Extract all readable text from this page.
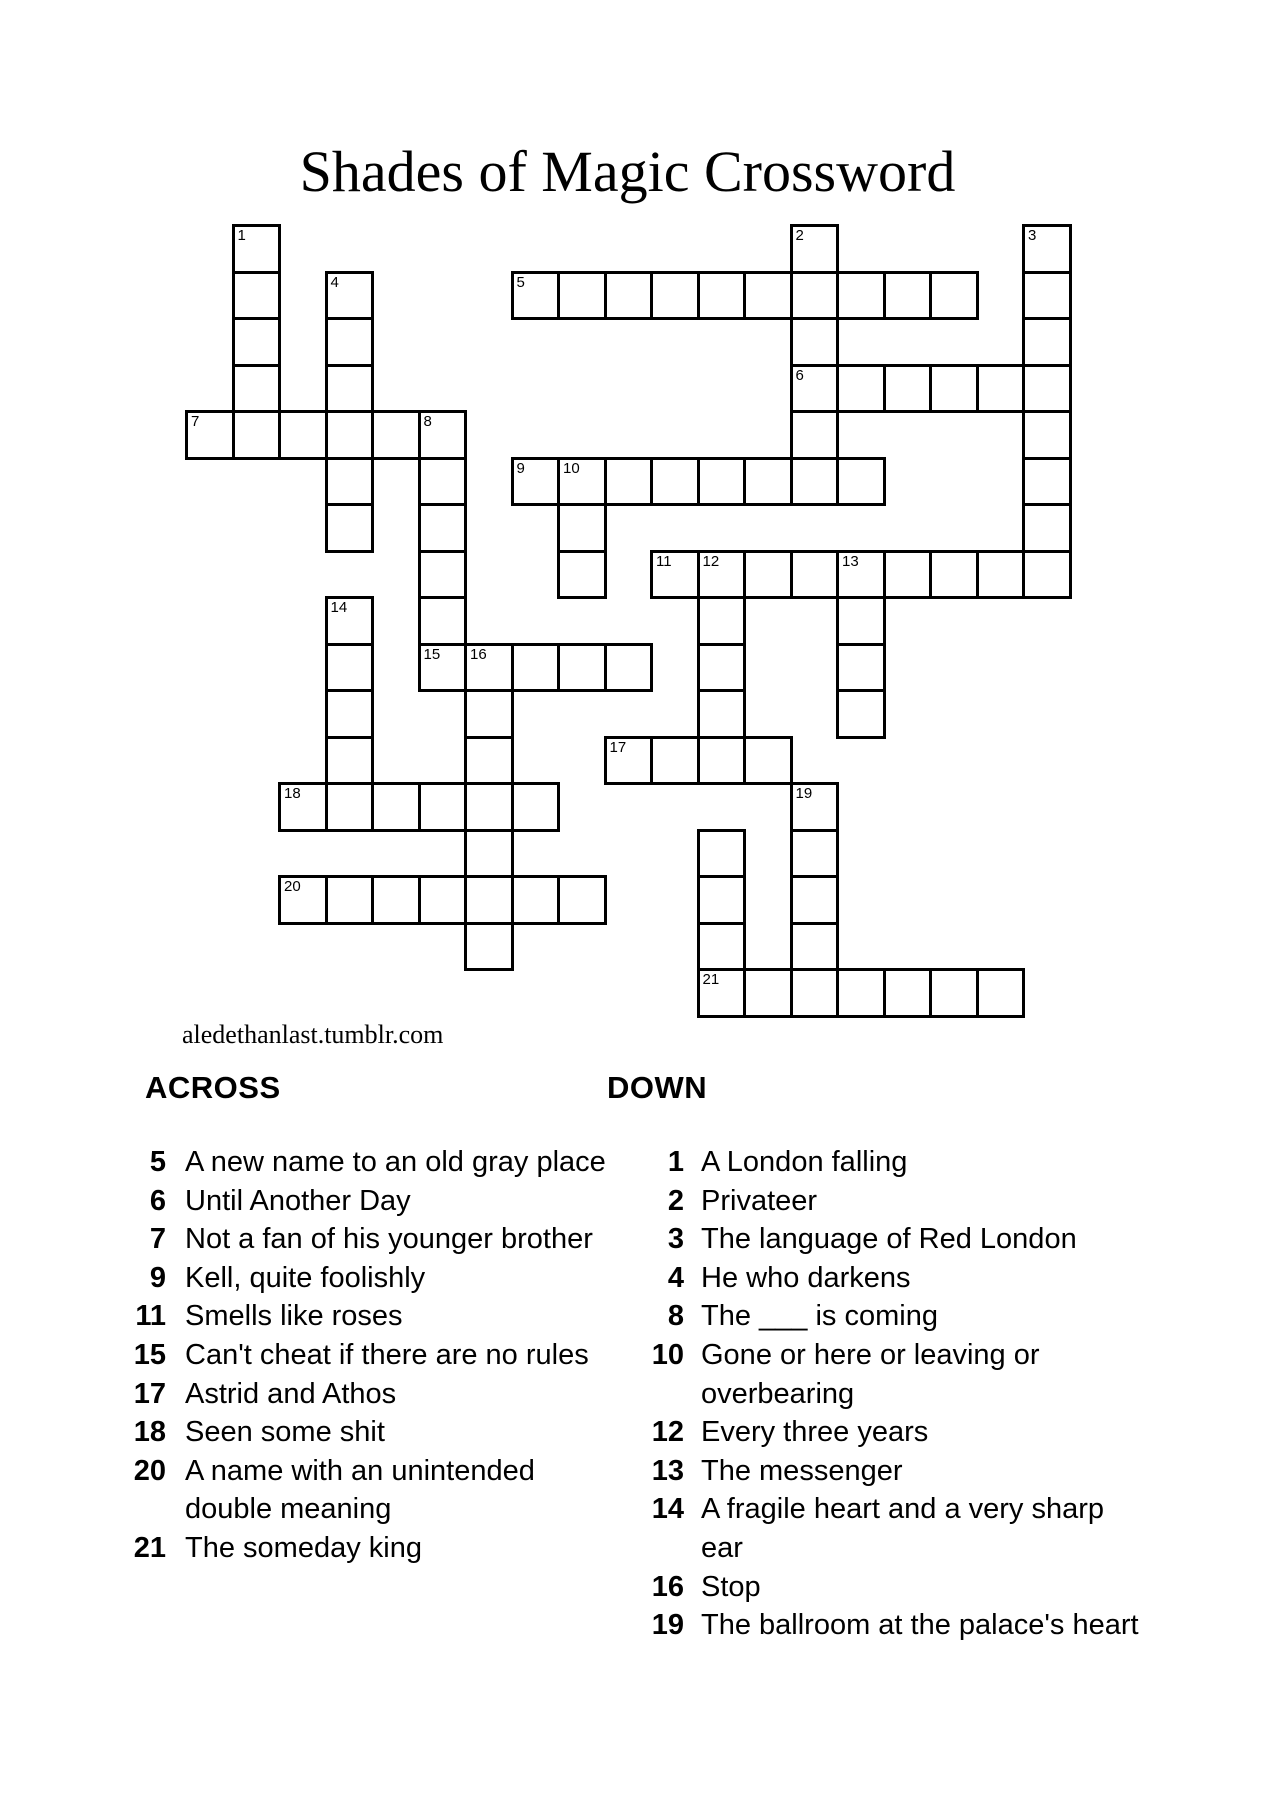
Shades of Magic Crossword
1	2	3
4	5
6
7	8
9	10
11 12	13
14
15 16
17
18	19
20
21
aledethanlast.tumblr.com
ACROSS	DOWN
5 A new name to an old gray place
6 Until Another Day
7 Not a fan of his younger brother
9 Kell, quite foolishly
11 Smells like roses
15 Can't cheat if there are no rules
17 Astrid and Athos
18 Seen some shit
20 A name with an unintended
double meaning
21 The someday king
1 A London falling
2 Privateer
3 The language of Red London
4 He who darkens
8 The ___ is coming
10 Gone or here or leaving or
overbearing
12 Every three years
13 The messenger
14 A fragile heart and a very sharp
ear
16 Stop
19 The ballroom at the palace's heart
